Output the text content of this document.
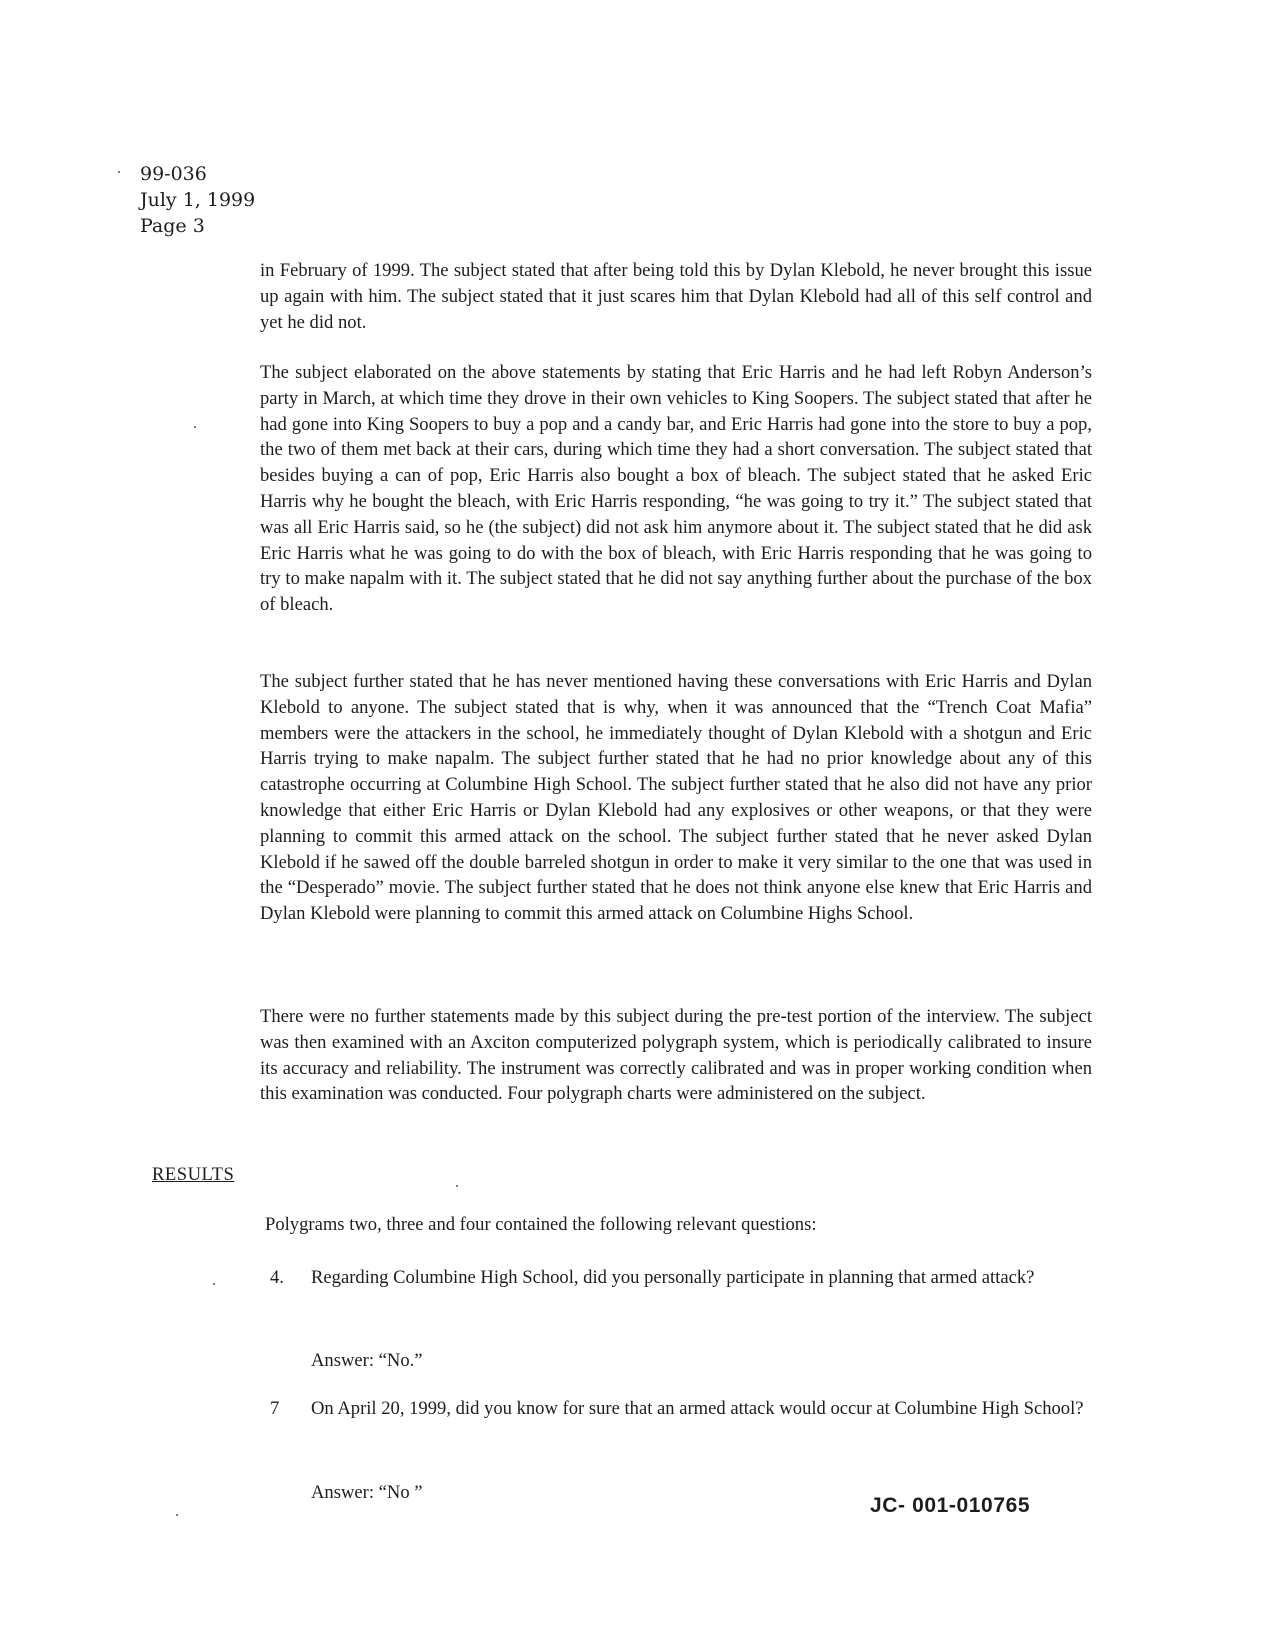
99-036
July 1, 1999
Page 3
in February of 1999. The subject stated that after being told this by Dylan Klebold, he never brought this issue up again with him. The subject stated that it just scares him that Dylan Klebold had all of this self control and yet he did not.
The subject elaborated on the above statements by stating that Eric Harris and he had left Robyn Anderson’s party in March, at which time they drove in their own vehicles to King Soopers. The subject stated that after he had gone into King Soopers to buy a pop and a candy bar, and Eric Harris had gone into the store to buy a pop, the two of them met back at their cars, during which time they had a short conversation. The subject stated that besides buying a can of pop, Eric Harris also bought a box of bleach. The subject stated that he asked Eric Harris why he bought the bleach, with Eric Harris responding, “he was going to try it.” The subject stated that was all Eric Harris said, so he (the subject) did not ask him anymore about it. The subject stated that he did ask Eric Harris what he was going to do with the box of bleach, with Eric Harris responding that he was going to try to make napalm with it. The subject stated that he did not say anything further about the purchase of the box of bleach.
The subject further stated that he has never mentioned having these conversations with Eric Harris and Dylan Klebold to anyone. The subject stated that is why, when it was announced that the “Trench Coat Mafia” members were the attackers in the school, he immediately thought of Dylan Klebold with a shotgun and Eric Harris trying to make napalm. The subject further stated that he had no prior knowledge about any of this catastrophe occurring at Columbine High School. The subject further stated that he also did not have any prior knowledge that either Eric Harris or Dylan Klebold had any explosives or other weapons, or that they were planning to commit this armed attack on the school. The subject further stated that he never asked Dylan Klebold if he sawed off the double barreled shotgun in order to make it very similar to the one that was used in the “Desperado” movie. The subject further stated that he does not think anyone else knew that Eric Harris and Dylan Klebold were planning to commit this armed attack on Columbine Highs School.
There were no further statements made by this subject during the pre-test portion of the interview. The subject was then examined with an Axciton computerized polygraph system, which is periodically calibrated to insure its accuracy and reliability. The instrument was correctly calibrated and was in proper working condition when this examination was conducted. Four polygraph charts were administered on the subject.
RESULTS
Polygrams two, three and four contained the following relevant questions:
4. Regarding Columbine High School, did you personally participate in planning that armed attack?
Answer: “No.”
7 On April 20, 1999, did you know for sure that an armed attack would occur at Columbine High School?
Answer: “No ”
JC- 001-010765
